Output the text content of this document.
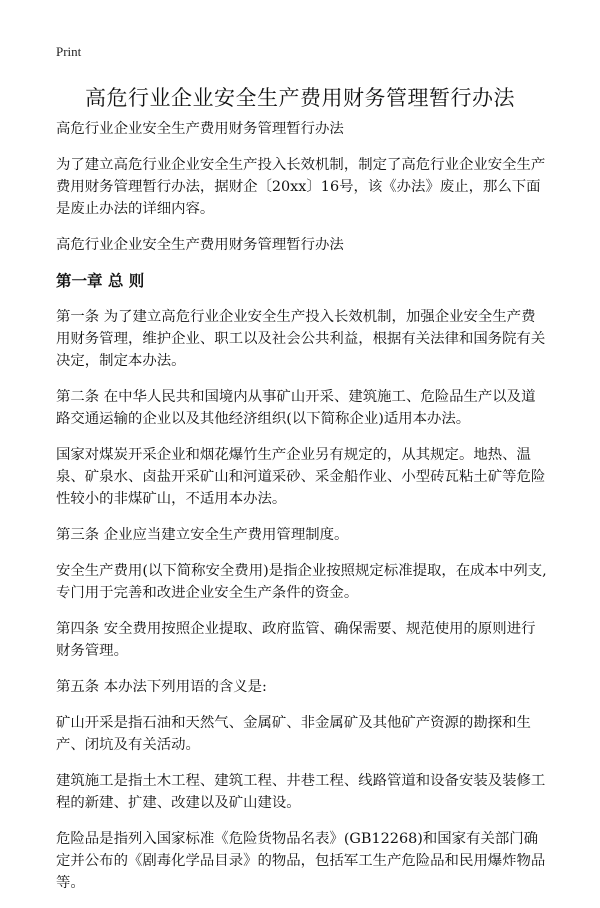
Print
高危行业企业安全生产费用财务管理暂行办法

高危行业企业安全生产费用财务管理暂行办法

为了建立高危行业企业安全生产投入长效机制，制定了高危行业企业安全生产费用财务管理暂行办法，据财企〔20xx〕16号，该《办法》废止，那么下面是废止办法的详细内容。

高危行业企业安全生产费用财务管理暂行办法

第一章 总 则

第一条 为了建立高危行业企业安全生产投入长效机制，加强企业安全生产费用财务管理，维护企业、职工以及社会公共利益，根据有关法律和国务院有关决定，制定本办法。

第二条 在中华人民共和国境内从事矿山开采、建筑施工、危险品生产以及道路交通运输的企业以及其他经济组织(以下简称企业)适用本办法。

国家对煤炭开采企业和烟花爆竹生产企业另有规定的，从其规定。地热、温泉、矿泉水、卤盐开采矿山和河道采砂、采金船作业、小型砖瓦粘土矿等危险性较小的非煤矿山，不适用本办法。

第三条 企业应当建立安全生产费用管理制度。

安全生产费用(以下简称安全费用)是指企业按照规定标准提取，在成本中列支,专门用于完善和改进企业安全生产条件的资金。

第四条 安全费用按照企业提取、政府监管、确保需要、规范使用的原则进行财务管理。

第五条 本办法下列用语的含义是:

矿山开采是指石油和天然气、金属矿、非金属矿及其他矿产资源的勘探和生产、闭坑及有关活动。

建筑施工是指土木工程、建筑工程、井巷工程、线路管道和设备安装及装修工程的新建、扩建、改建以及矿山建设。

危险品是指列入国家标准《危险货物品名表》(GB12268)和国家有关部门确定并公布的《剧毒化学品目录》的物品，包括军工生产危险品和民用爆炸物品等。
